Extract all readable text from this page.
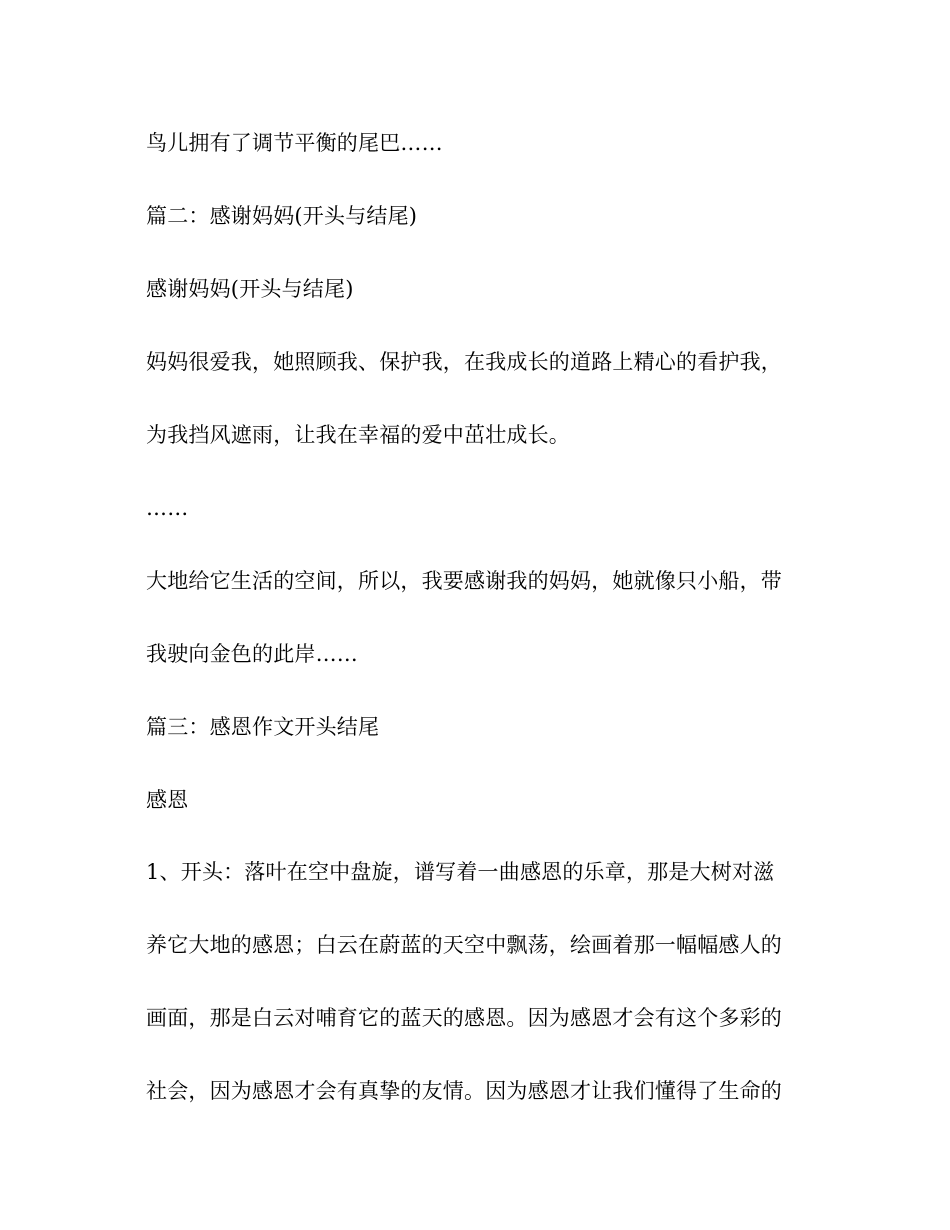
鸟儿拥有了调节平衡的尾巴……
篇二：感谢妈妈(开头与结尾)
感谢妈妈(开头与结尾)
妈妈很爱我，她照顾我、保护我，在我成长的道路上精心的看护我，
为我挡风遮雨，让我在幸福的爱中茁壮成长。
……
大地给它生活的空间，所以，我要感谢我的妈妈，她就像只小船，带
我驶向金色的此岸……
篇三：感恩作文开头结尾
感恩
1、开头：落叶在空中盘旋，谱写着一曲感恩的乐章，那是大树对滋
养它大地的感恩；白云在蔚蓝的天空中飘荡，绘画着那一幅幅感人的
画面，那是白云对哺育它的蓝天的感恩。因为感恩才会有这个多彩的
社会，因为感恩才会有真挚的友情。因为感恩才让我们懂得了生命的
